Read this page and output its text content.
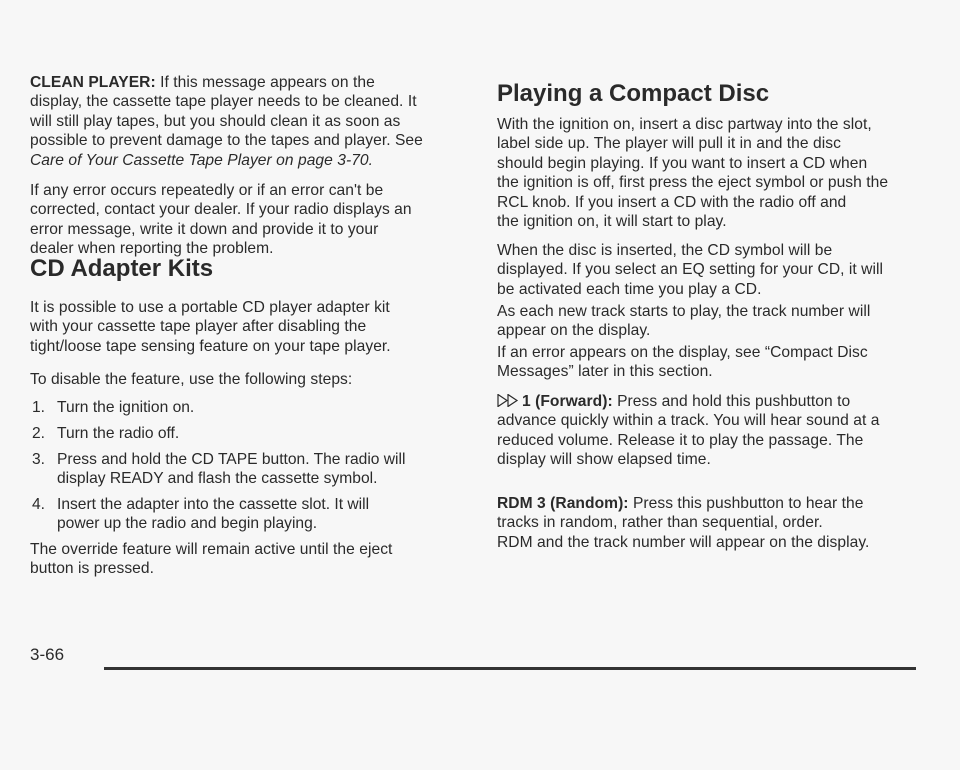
CLEAN PLAYER: If this message appears on the
display, the cassette tape player needs to be cleaned. It
will still play tapes, but you should clean it as soon as
possible to prevent damage to the tapes and player. See
Care of Your Cassette Tape Player on page 3-70.
If any error occurs repeatedly or if an error can't be
corrected, contact your dealer. If your radio displays an
error message, write it down and provide it to your
dealer when reporting the problem.
CD Adapter Kits
It is possible to use a portable CD player adapter kit
with your cassette tape player after disabling the
tight/loose tape sensing feature on your tape player.
To disable the feature, use the following steps:
1. Turn the ignition on.
2. Turn the radio off.
3. Press and hold the CD TAPE button. The radio will
display READY and flash the cassette symbol.
4. Insert the adapter into the cassette slot. It will
power up the radio and begin playing.
The override feature will remain active until the eject
button is pressed.
Playing a Compact Disc
With the ignition on, insert a disc partway into the slot,
label side up. The player will pull it in and the disc
should begin playing. If you want to insert a CD when
the ignition is off, first press the eject symbol or push the
RCL knob. If you insert a CD with the radio off and
the ignition on, it will start to play.
When the disc is inserted, the CD symbol will be
displayed. If you select an EQ setting for your CD, it will
be activated each time you play a CD.
As each new track starts to play, the track number will
appear on the display.
If an error appears on the display, see “Compact Disc
Messages” later in this section.
1 (Forward): Press and hold this pushbutton to
advance quickly within a track. You will hear sound at a
reduced volume. Release it to play the passage. The
display will show elapsed time.
RDM 3 (Random): Press this pushbutton to hear the
tracks in random, rather than sequential, order.
RDM and the track number will appear on the display.
3-66
